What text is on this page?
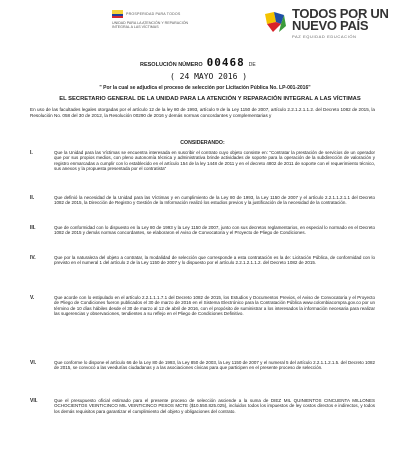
PROSPERIDAD PARA TODOS
UNIDAD PARA LA ATENCIÓN Y REPARACIÓN INTEGRAL A LAS VÍCTIMAS
TODOS POR UN
NUEVO PAÍS
PAZ EQUIDAD EDUCACIÓN
RESOLUCIÓN NÚMERO 00468 DE
( 24 MAYO 2016 )
" Por la cual se adjudica el proceso de selección por Licitación Pública No. LP-001-2016"
EL SECRETARIO GENERAL DE LA UNIDAD PARA LA ATENCIÓN Y REPARACIÓN INTEGRAL A LAS VÍCTIMAS
En uso de las facultades legales otorgadas por el artículo 12 de la ley 80 de 1993, artículo 9 de la Ley 1150 de 2007, artículo 2.2.1.2.1.1.2. del Decreto 1082 de 2015, la Resolución No. 058 del 30 de 2012, la Resolución 00290 de 2016 y demás normas concordantes y complementarias y
CONSIDERANDO:
I.	Que la Unidad para las Víctimas se encuentra interesada en suscribir el contrato cuyo objeto consiste en: "Contratar la prestación de servicios de un operador que por sus propios medios, con pleno autonomía técnica y administrativa brinde actividades de soporte para la operación de la subdirección de valoración y registro enmarcadas a cumplir con lo establecido en el artículo 154 de la ley 1448 de 2011 y en el decreto 4802 de 2011 de soporte con el requerimiento técnico, sus anexos y la propuesta presentada por el contratista"
II.	Que definió la necesidad de la Unidad para las Víctimas y en cumplimiento de la Ley 80 de 1993, la Ley 1150 de 2007 y el artículo 2.2.1.1.2.1.1 del Decreto 1082 de 2015, la Dirección de Registro y Gestión de la Información realizó los estudios previos y la justificación de la necesidad de la contratación.
III.	Que de conformidad con lo dispuesto en la Ley 80 de 1993 y la Ley 1150 de 2007, junto con sus decretos reglamentarios, en especial lo normado en el Decreto 1082 de 2015 y demás normas concordantes, se elaboraron el Aviso de Convocatoria y el Proyecto de Pliego de Condiciones.
IV.	Que por la naturaleza del objeto a contratar, la modalidad de selección que corresponde a esta contratación es la de: Licitación Pública, de conformidad con lo previsto en el numeral 1 del artículo 2 de la Ley 1150 de 2007 y lo dispuesto por el artículo 2.2.1.2.1.1.2. del Decreto 1082 de 2015.
V.	Que acorde con lo estipulado en el artículo 2.2.1.1.1.7.1 del Decreto 1082 de 2015, los Estudios y Documentos Previos, el Aviso de Convocatoria y el Proyecto de Pliego de Condiciones fueron publicados el 30 de marzo de 2016 en el Sistema Electrónico para la Contratación Pública www.colombiacompra.gov.co por un término de 10 días hábiles desde el 30 de marzo al 12 de abril de 2016, con el propósito de suministrar a los interesados la información necesaria para realizar las sugerencias y observaciones, tendientes a su reflejo en el Pliego de Condiciones Definitivo.
VI.	Que conforme lo dispone el artículo 66 de la Ley 80 de 1993, la Ley 850 de 2003, la Ley 1150 de 2007 y el numeral 5 del artículo 2.2.1.1.2.1.5. del Decreto 1082 de 2015, se convocó a las veedurías ciudadanas y a las asociaciones cívicas para que participen en el presente proceso de selección.
VII.	Que el presupuesto oficial estimado para el presente proceso de selección asciende a la suma de DIEZ MIL QUINIENTOS CINCUENTA MILLONES OCHOCIENTOS VEINTICINCO MIL VEINTICINCO PESOS MCTE ($10.550.825.025), incluidos todos los impuestos de ley costos directos e indirectos, y todos los demás requisitos para garantizar el cumplimiento del objeto y obligaciones del contrato.
